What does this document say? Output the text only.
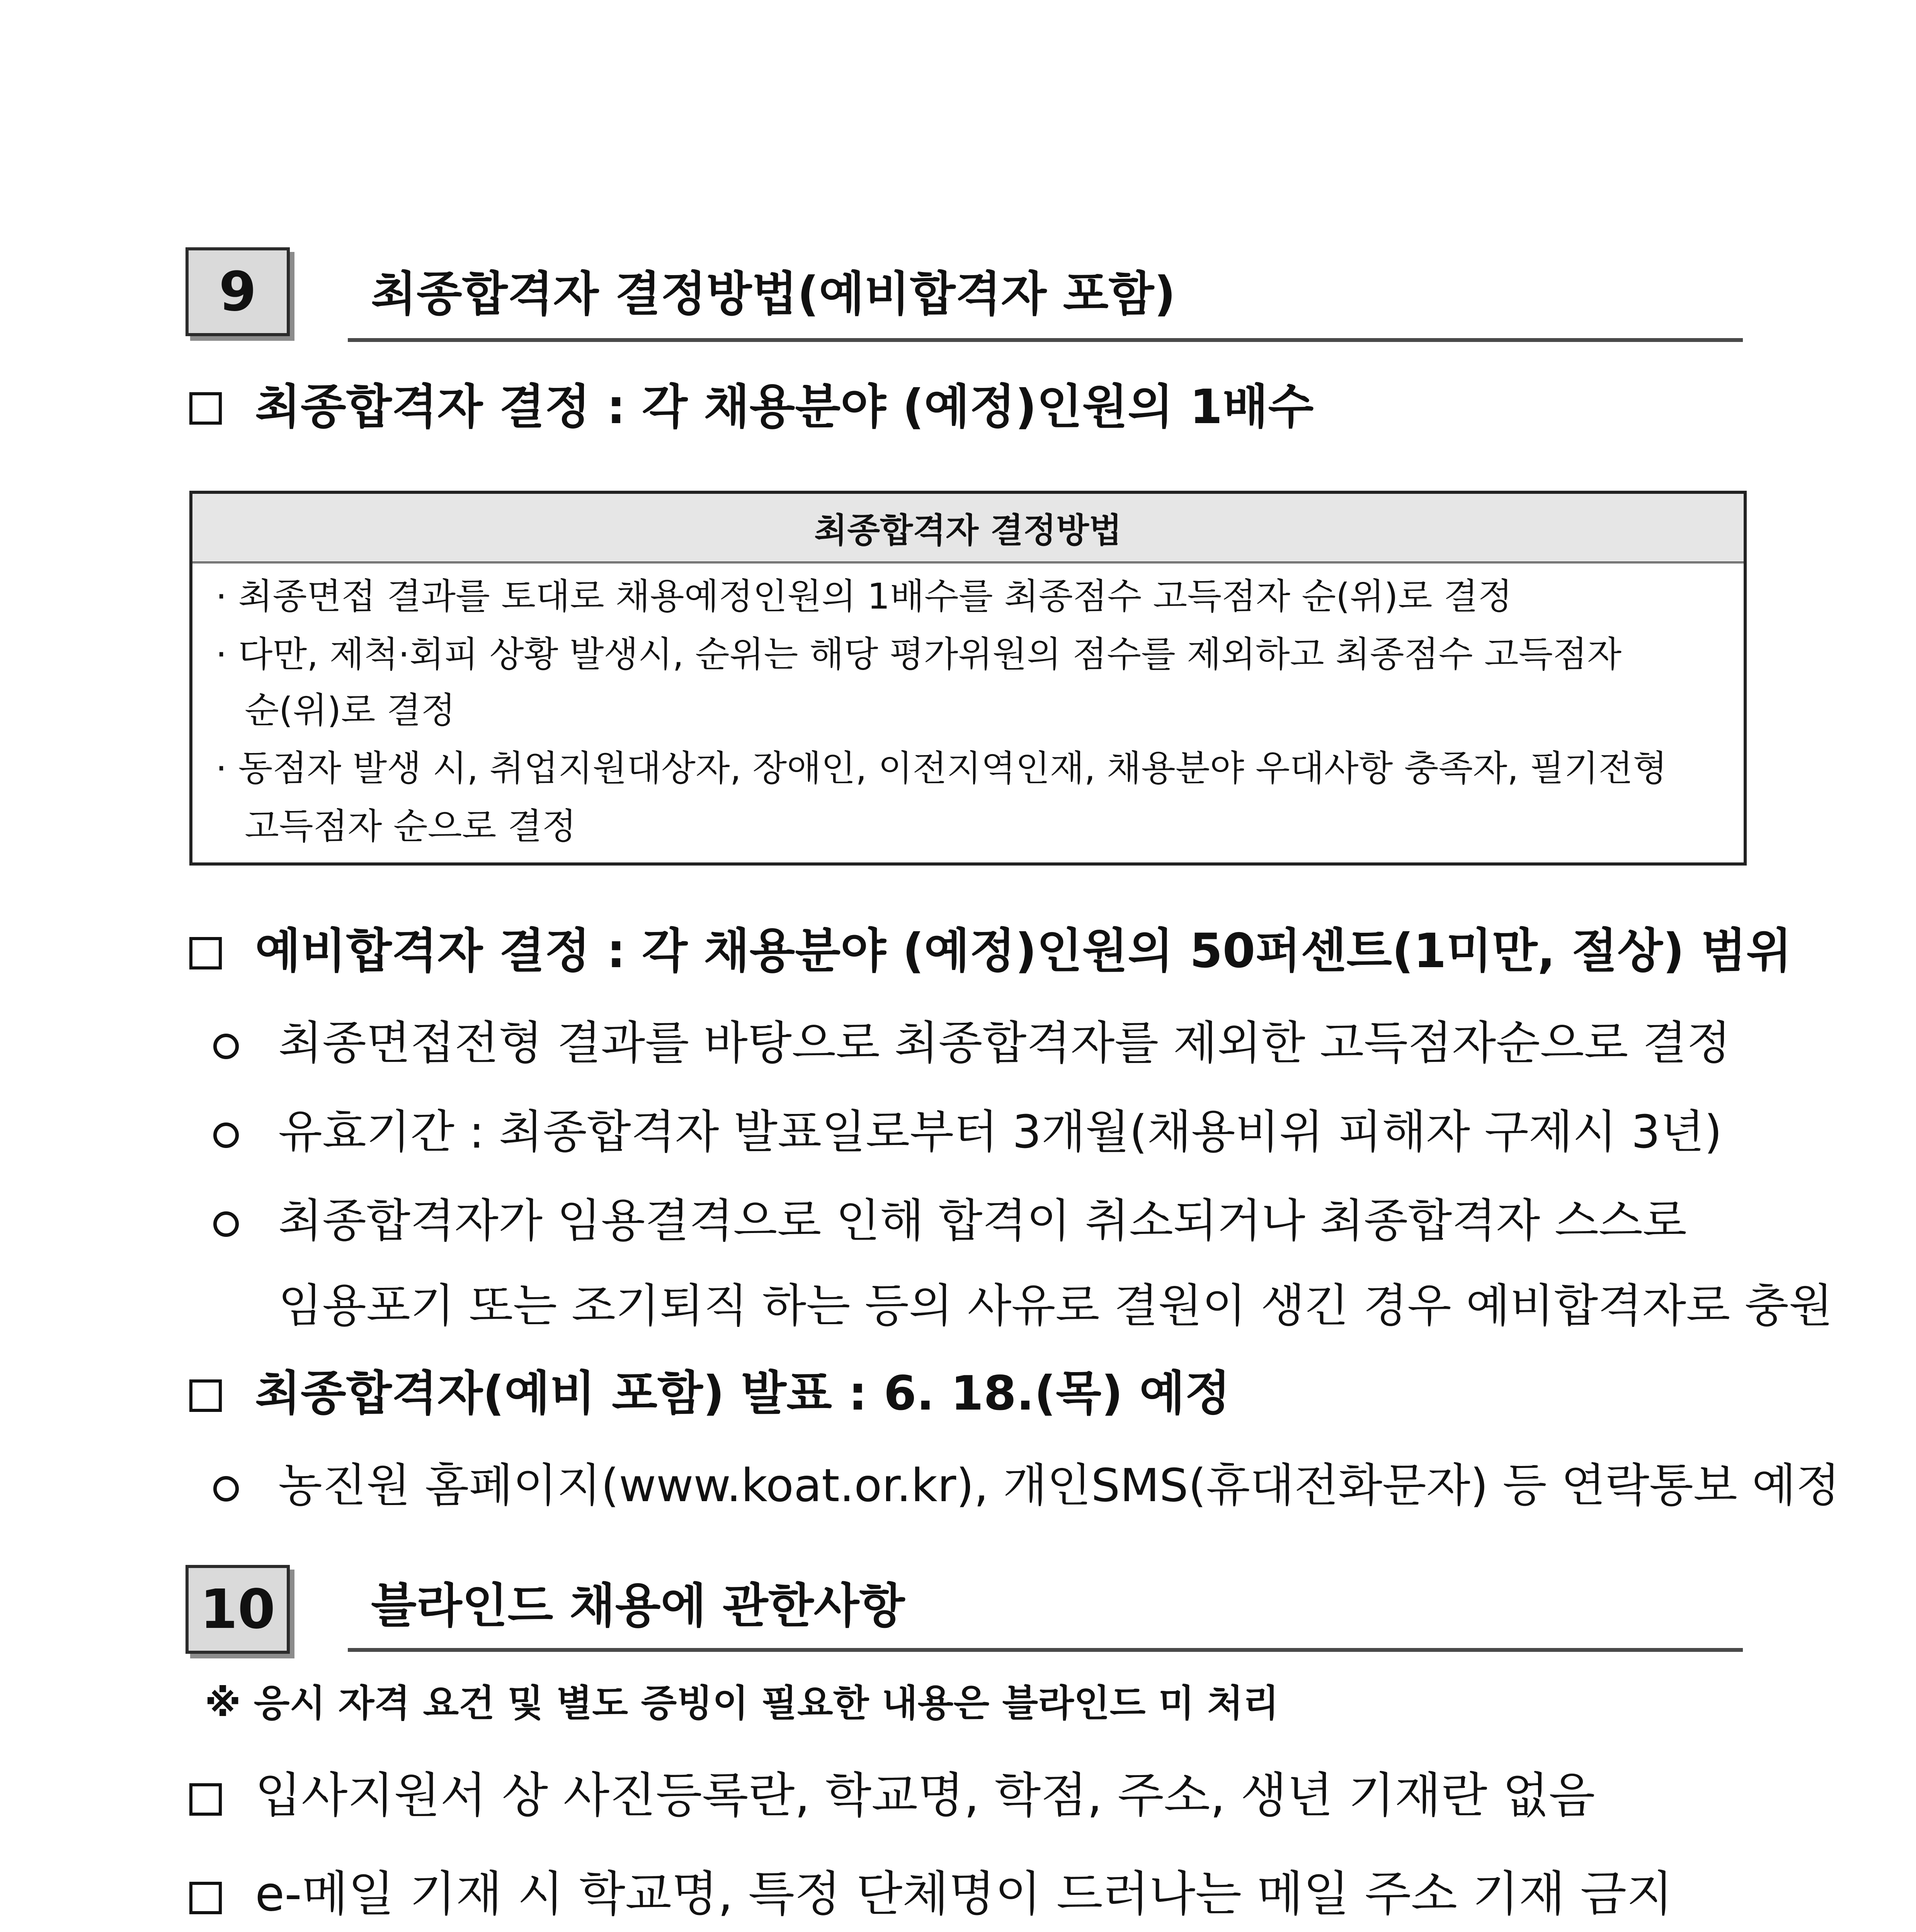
9 최종합격자 결정방법(예비합격자 포함)
최종합격자 결정 : 각 채용분야 (예정)인원의 1배수
최종합격자 결정방법
· 최종면접 결과를 토대로 채용예정인원의 1배수를 최종점수 고득점자 순(위)로 결정
· 다만, 제척·회피 상황 발생시, 순위는 해당 평가위원의 점수를 제외하고 최종점수 고득점자
순(위)로 결정
· 동점자 발생 시, 취업지원대상자, 장애인, 이전지역인재, 채용분야 우대사항 충족자, 필기전형
고득점자 순으로 결정
예비합격자 결정 : 각 채용분야 (예정)인원의 50퍼센트(1미만, 절상) 범위
최종면접전형 결과를 바탕으로 최종합격자를 제외한 고득점자순으로 결정
유효기간 : 최종합격자 발표일로부터 3개월(채용비위 피해자 구제시 3년)
최종합격자가 임용결격으로 인해 합격이 취소되거나 최종합격자 스스로
임용포기 또는 조기퇴직 하는 등의 사유로 결원이 생긴 경우 예비합격자로 충원
최종합격자(예비 포함) 발표 : 6. 18.(목) 예정
농진원 홈페이지(www.koat.or.kr), 개인SMS(휴대전화문자) 등 연락통보 예정
10 블라인드 채용에 관한사항
※ 응시 자격 요건 및 별도 증빙이 필요한 내용은 블라인드 미 처리
입사지원서 상 사진등록란, 학교명, 학점, 주소, 생년 기재란 없음
e-메일 기재 시 학교명, 특정 단체명이 드러나는 메일 주소 기재 금지
